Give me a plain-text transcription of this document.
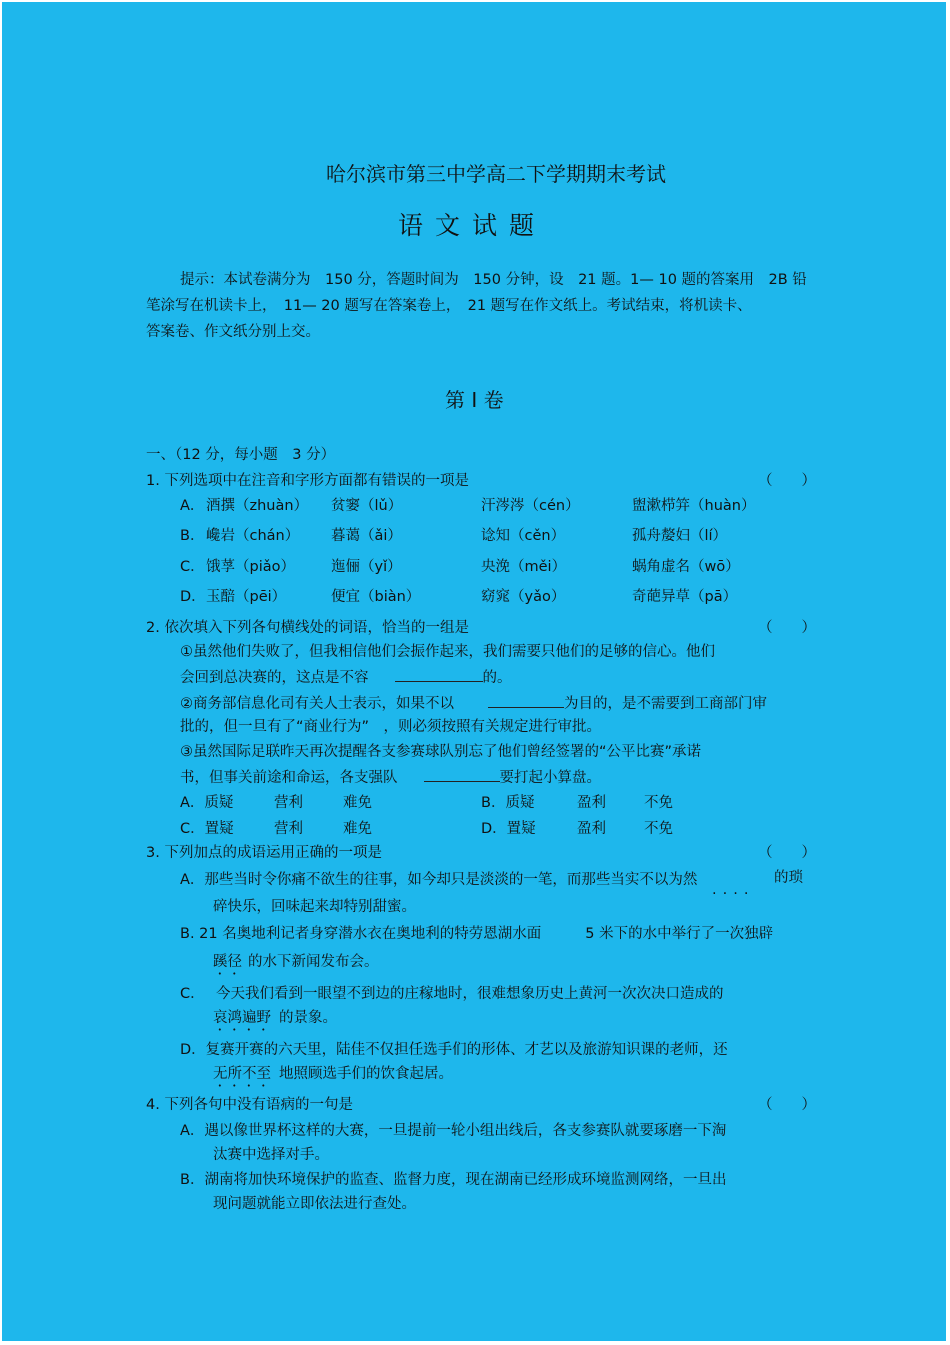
哈尔滨市第三中学高二下学期期末考试
语文试题
提示：本试卷满分为　150 分，答题时间为　150 分钟，设　21 题。1— 10 题的答案用　2B 铅
笔涂写在机读卡上，　11— 20 题写在答案卷上，　21 题写在作文纸上。考试结束，将机读卡、
答案卷、作文纸分别上交。
第 Ⅰ 卷
一、（12 分，每小题　3 分）
1. 下列选项中在注音和字形方面都有错误的一项是	（　　）
A． 酒撰（zhuàn） 贫窭（lǔ）	汗涔涔（cén）	盥漱栉笄（huàn）
B． 巉岩（chán） 暮蔼（ǎi）	谂知（cěn）	孤舟嫠妇（lí）
C． 饿莩（piǎo） 迤俪（yǐ）	央浼（měi）	蜗角虚名（wō）
D． 玉醅（pēi）	便宜（biàn）	窈窕（yǎo）	奇葩异草（pā）
2. 依次填入下列各句横线处的词语，恰当的一组是	（　　）
①虽然他们失败了，但我相信他们会振作起来，我们需要只他们的足够的信心。他们
会回到总决赛的，这点是不容	的。
②商务部信息化司有关人士表示，如果不以	为目的，是不需要到工商部门审
批的，但一旦有了“商业行为”　，则必须按照有关规定进行审批。
③虽然国际足联昨天再次提醒各支参赛球队别忘了他们曾经签署的“公平比赛”承诺
书，但事关前途和命运，各支强队	要打起小算盘。
A．质疑	营利	难免	B．质疑	盈利	不免
C．置疑	营利	难免	D．置疑	盈利	不免
3. 下列加点的成语运用正确的一项是	（　　）
A．那些当时令你痛不欲生的往事，如今却只是淡淡的一笔，而那些当实不以为然
....
的琐
碎快乐，回味起来却特别甜蜜。
B. 21 名奥地利记者身穿潜水衣在奥地利的特劳恩湖水面	5 米下的水中举行了一次独辟
蹊径 的水下新闻发布会。
C． 今天我们看到一眼望不到边的庄稼地时，很难想象历史上黄河一次次决口造成的
哀鸿遍野 的景象。
D．复赛开赛的六天里，陆佳不仅担任选手们的形体、才艺以及旅游知识课的老师，还
无所不至 地照顾选手们的饮食起居。
4. 下列各句中没有语病的一句是	（　　）
A．遇以像世界杯这样的大赛，一旦提前一轮小组出线后，各支参赛队就要琢磨一下淘
汰赛中选择对手。
B．湖南将加快环境保护的监查、监督力度，现在湖南已经形成环境监测网络，一旦出
现问题就能立即依法进行查处。
